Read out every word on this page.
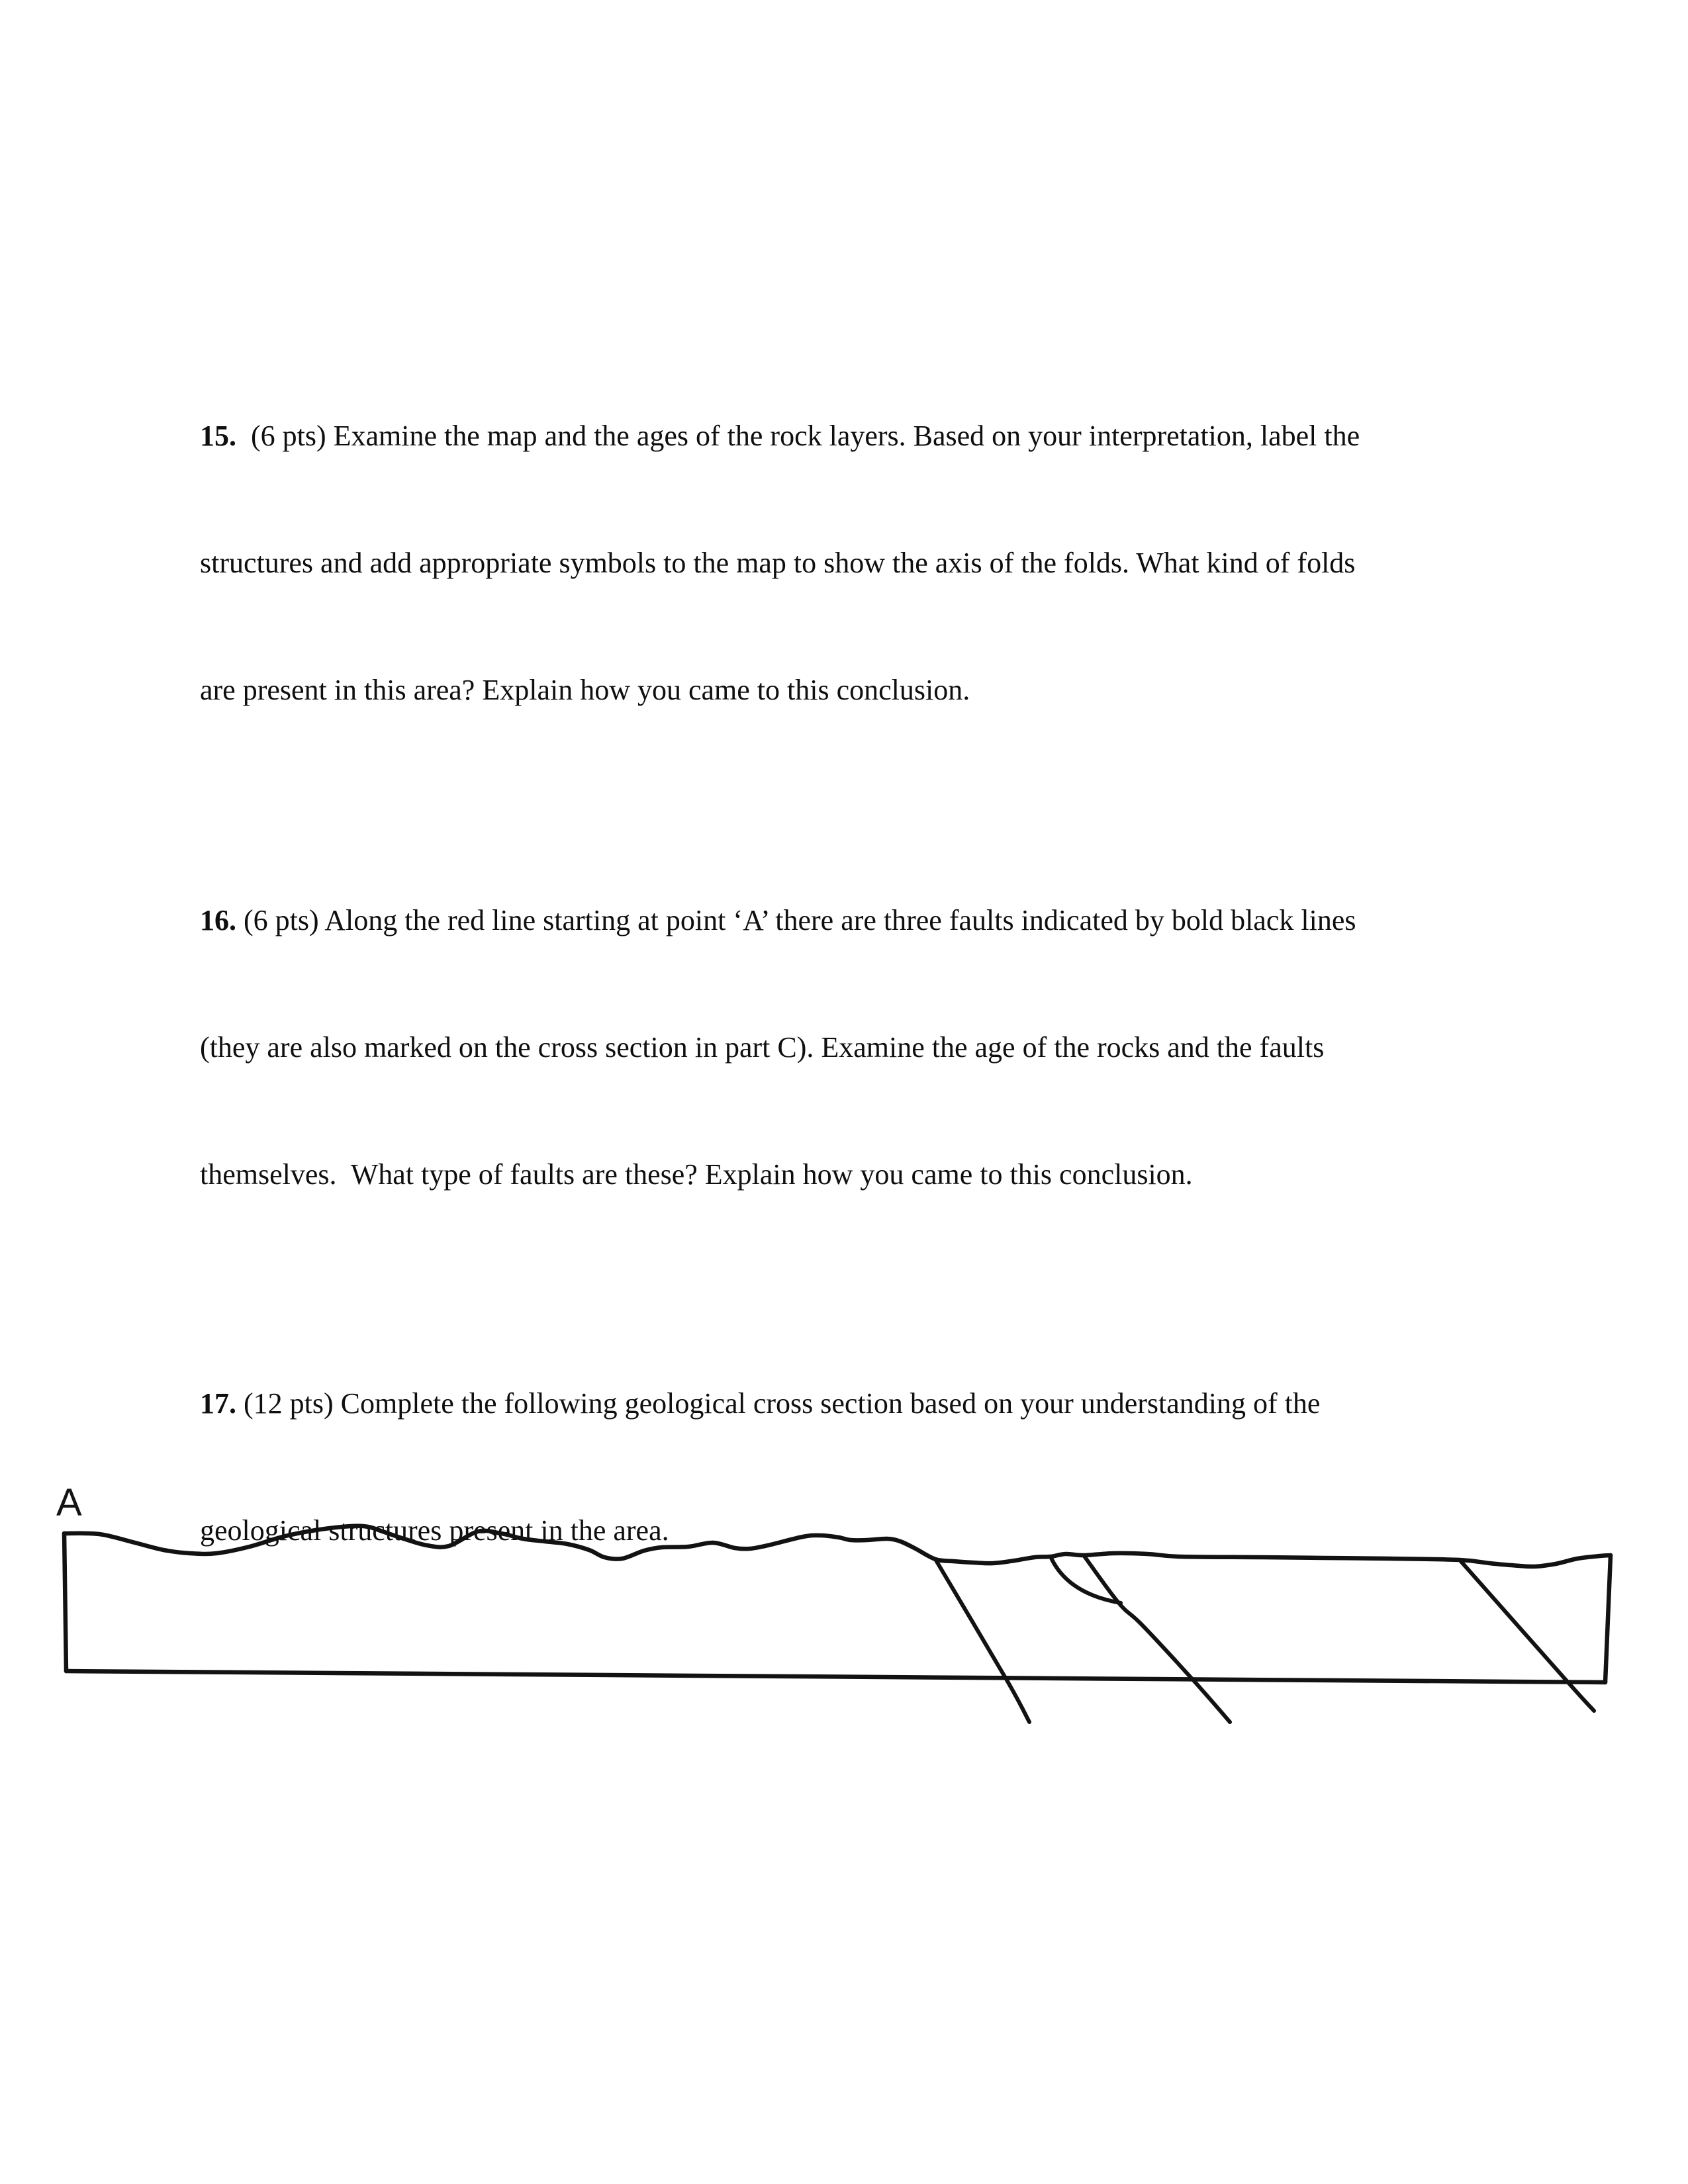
15.  (6 pts) Examine the map and the ages of the rock layers. Based on your interpretation, label the

structures and add appropriate symbols to the map to show the axis of the folds. What kind of folds

are present in this area? Explain how you came to this conclusion.

16. (6 pts) Along the red line starting at point ‘A’ there are three faults indicated by bold black lines

(they are also marked on the cross section in part C). Examine the age of the rocks and the faults

themselves.  What type of faults are these? Explain how you came to this conclusion.

17. (12 pts) Complete the following geological cross section based on your understanding of the

geological structures present in the area.

A
